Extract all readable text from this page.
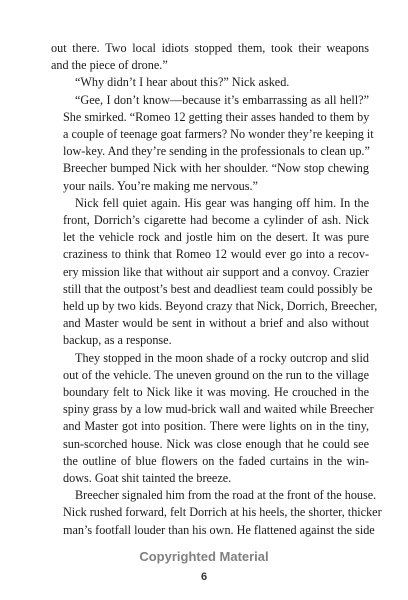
out there. Two local idiots stopped them, took their weapons
and the piece of drone.”

“Why didn’t I hear about this?” Nick asked.

“Gee, I don’t know—because it’s embarrassing as all hell?”
She smirked. “Romeo 12 getting their asses handed to them by
a couple of teenage goat farmers? No wonder they’re keeping it
low-key. And they’re sending in the professionals to clean up.”
Breecher bumped Nick with her shoulder. “Now stop chewing
your nails. You’re making me nervous.”

Nick fell quiet again. His gear was hanging off him. In the
front, Dorrich’s cigarette had become a cylinder of ash. Nick
let the vehicle rock and jostle him on the desert. It was pure
craziness to think that Romeo 12 would ever go into a recov-
ery mission like that without air support and a convoy. Crazier
still that the outpost’s best and deadliest team could possibly be
held up by two kids. Beyond crazy that Nick, Dorrich, Breecher,
and Master would be sent in without a brief and also without
backup, as a response.

They stopped in the moon shade of a rocky outcrop and slid
out of the vehicle. The uneven ground on the run to the village
boundary felt to Nick like it was moving. He crouched in the
spiny grass by a low mud-brick wall and waited while Breecher
and Master got into position. There were lights on in the tiny,
sun-scorched house. Nick was close enough that he could see
the outline of blue flowers on the faded curtains in the win-
dows. Goat shit tainted the breeze.

Breecher signaled him from the road at the front of the house.
Nick rushed forward, felt Dorrich at his heels, the shorter, thicker
man’s footfall louder than his own. He flattened against the side

Copyrighted Material
6
